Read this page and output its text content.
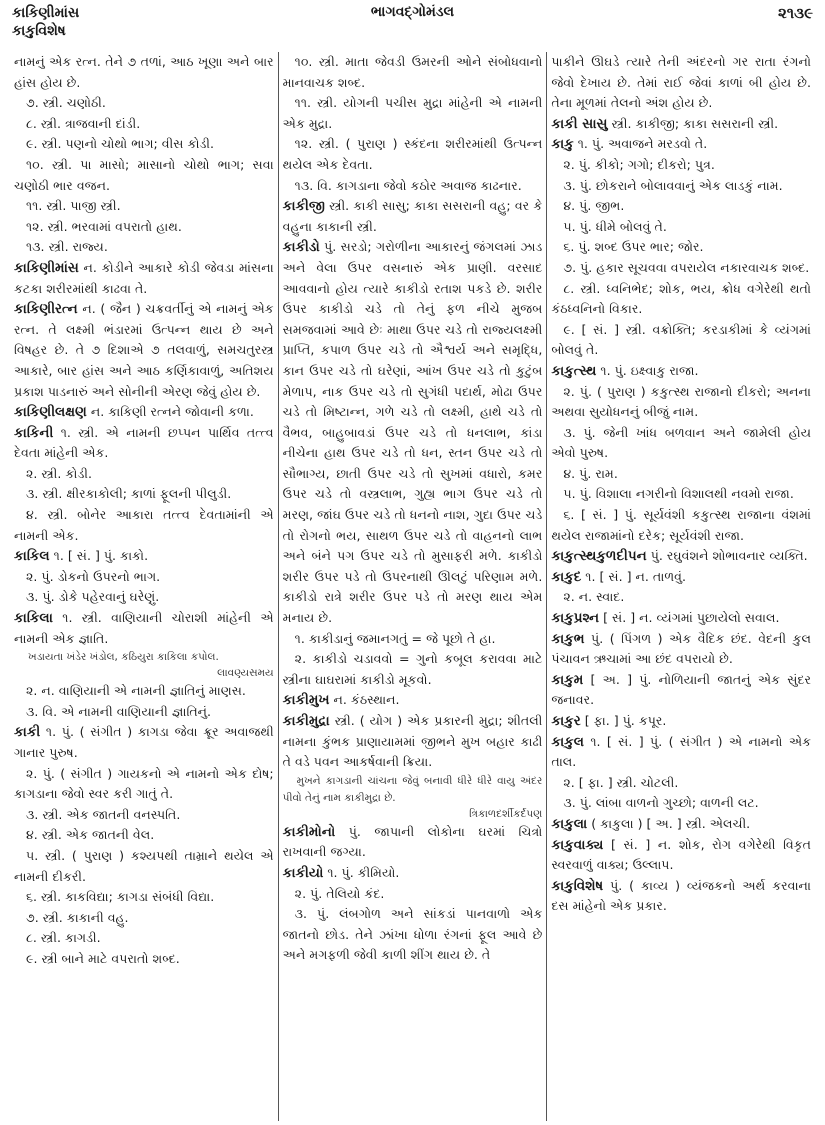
કાકિણીમાંસ
કાકુવિશેષ
ભાગવદ્ગોમંડલ	૨૧૩૯

નામનું એક રત્ન. તેને ૭ તળાં, આઠ ખૂણા અને બાર હાંસ હોય છે.

૭. સ્ત્રી. ચણોઠી.

૮. સ્ત્રી. ત્રાજવાની દાંડી.

૯. સ્ત્રી. પણનો ચોથો ભાગ; વીસ કોડી.

૧૦. સ્ત્રી. પા માસો; માસાનો ચોથો ભાગ; સવા ચણોઠી ભાર વજન.

૧૧. સ્ત્રી. પાજી સ્ત્રી.

૧૨. સ્ત્રી. ભરવામાં વપરાતો હાથ.

૧૩. સ્ત્રી. રાજ્ય.

કાકિણીમાંસ ન. કોડીને આકારે કોડી જેવડા માંસના કટકા શરીરમાંથી કાઢવા તે.

કાકિણીરત્ન ન. ( જૈન ) ચક્રવર્તીનું એ નામનું એક રત્ન. તે લક્ષ્મી ભંડારમાં ઉત્પન્ન થાય છે અને વિષહર છે. તે ૭ દિશાએ ૭ તલવાળું, સમચતુરસ્ત્ર આકારે, બાર હાંસ અને આઠ કર્ણિકાવાળું, અતિશય પ્રકાશ પાડનારું અને સોનીની એરણ જેવું હોય છે.

કાકિણીલક્ષણ ન. કાકિણી રત્નને જોવાની કળા.

કાકિની ૧. સ્ત્રી. એ નામની છપ્પન પાર્થિવ તત્ત્વ દેવતા માંહેની એક.

૨. સ્ત્રી. કોડી.

૩. સ્ત્રી. ક્ષીરકાકોલી; કાળાં ફૂલની પીલુડી.

૪. સ્ત્રી. બોનેર આકારા તત્ત્વ દેવતામાંની એ નામની એક.

કાકિલ ૧. [ સં. ] પું. કાકો.

૨. પું. ડોકનો ઉપરનો ભાગ.

૩. પું. ડોકે પહેરવાનું ઘરેણું.

કાકિલા ૧. સ્ત્રી. વાણિયાની ચોરાશી માંહેની એ નામની એક જ્ઞાતિ.

ખડાયતા ખંડેર ખંડોલ, કઠિયુરા કાકિલા કપોલ.
લાવણ્યસમય

૨. ન. વાણિયાની એ નામની જ્ઞાતિનું માણસ.

૩. વિ. એ નામની વાણિયાની જ્ઞાતિનું.

કાકી ૧. પું. ( સંગીત ) કાગડા જેવા ક્રૂર અવાજથી ગાનાર પુરુષ.

૨. પું. ( સંગીત ) ગાયકનો એ નામનો એક દોષ; કાગડાના જેવો સ્વર કરી ગાતું તે.

૩. સ્ત્રી. એક જાતની વનસ્પતિ.

૪. સ્ત્રી. એક જાતની વેલ.

૫. સ્ત્રી. ( પુરાણ ) કશ્યપથી તામ્રાને થયેલ એ નામની દીકરી.

૬. સ્ત્રી. કાકવિદ્યા; કાગડા સંબંધી વિદ્યા.

૭. સ્ત્રી. કાકાની વહુ.

૮. સ્ત્રી. કાગડી.

૯. સ્ત્રી બાને માટે વપરાતો શબ્દ.

૧૦. સ્ત્રી. માતા જેવડી ઉમરની ઓને સંબોધવાનો માનવાચક શબ્દ.

૧૧. સ્ત્રી. યોગની પચીસ મુદ્રા માંહેની એ નામની એક મુદ્રા.

૧૨. સ્ત્રી. ( પુરાણ ) સ્કંદના શરીરમાંથી ઉત્પન્ન થયેલ એક દેવતા.

૧૩. વિ. કાગડાના જેવો કઠોર અવાજ કાઢનાર.

કાકીજી સ્ત્રી. કાકી સાસુ; કાકા સસરાની વહુ; વર કે વહુના કાકાની સ્ત્રી.

કાકીડો પું. સરડો; ગરોળીના આકારનું જંગલમાં ઝાડ અને વેલા ઉપર વસનારું એક પ્રાણી. વરસાદ આવવાનો હોય ત્યારે કાકીડો રતાશ પકડે છે. શરીર ઉપર કાકીડો ચડે તો તેનું ફળ નીચે મુજબ સમજવામાં આવે છેઃ માથા ઉપર ચડે તો રાજ્યલક્ષ્મી પ્રાપ્તિ, કપાળ ઉપર ચડે તો ઐશ્વર્ય અને સમૃદ્ધિ, કાન ઉપર ચડે તો ઘરેણાં, આંખ ઉપર ચડે તો કુટુંબ મેળાપ, નાક ઉપર ચડે તો સુગંધી પદાર્થ, મોઢા ઉપર ચડે તો મિષ્ટાન્ન, ગળે ચડે તો લક્ષ્મી, હાથે ચડે તો વૈભવ, બાહુબાવડાં ઉપર ચડે તો ધનલાભ, કાંડા નીચેના હાથ ઉપર ચડે તો ધન, સ્તન ઉપર ચડે તો સૌભાગ્ય, છાતી ઉપર ચડે તો સુખમાં વધારો, કમર ઉપર ચડે તો વસ્ત્રલાભ, ગુહ્ય ભાગ ઉપર ચડે તો મરણ, જાંઘ ઉપર ચડે તો ધનનો નાશ, ગુદા ઉપર ચડે તો રોગનો ભય, સાથળ ઉપર ચડે તો વાહનનો લાભ અને બંને પગ ઉપર ચડે તો મુસાફરી મળે. કાકીડો શરીર ઉપર પડે તો ઉપરનાથી ઊલટું પરિણામ મળે. કાકીડો રાત્રે શરીર ઉપર પડે તો મરણ થાય એમ મનાય છે.

૧. કાકીડાનું જમાનગતું = જે પૂછો તે હા.

૨. કાકીડો ચડાવવો = ગુનો કબૂલ કરાવવા માટે સ્ત્રીના ઘાઘરામાં કાકીડો મૂકવો.

કાકીમુખ ન. કંઠસ્થાન.

કાકીમુદ્રા સ્ત્રી. ( યોગ ) એક પ્રકારની મુદ્રા; શીતલી નામના કુંભક પ્રાણાયામમાં જીભને મુખ બહાર કાઢી તે વડે પવન આકર્ષવાની ક્રિયા.

મુખને કાગડાની ચાંચના જેવું બનાવી ધીરે ધીરે વાયુ અંદર પીવો તેનું નામ કાકીમુદ્રા છે.
ત્રિકાળદર્શીકર્દપણ

કાકીમોનો પું. જાપાની લોકોના ઘરમાં ચિત્રો રાખવાની જગ્યા.

કાકીયો ૧. પું. કીમિયો.

૨. પું. તેલિયો કંદ.

૩. પું. લંબગોળ અને સાંકડાં પાનવાળો એક જાતનો છોડ. તેને ઝાંખા ધોળા રંગનાં ફૂલ આવે છે અને મગફળી જેવી કાળી શીંગ થાય છે. તે

પાકીને ઊઘડે ત્યારે તેની અંદરનો ગર રાતા રંગનો જેવો દેખાય છે. તેમાં રાઈ જેવાં કાળાં બી હોય છે. તેના મૂળમાં તેલનો અંશ હોય છે.

કાકી સાસુ સ્ત્રી. કાકીજી; કાકા સસરાની સ્ત્રી.

કાકુ ૧. પું. અવાજને મરડવો તે.

૨. પું. કીકો; ગગો; દીકરો; પુત્ર.

૩. પું. છોકરાને બોલાવવાનું એક લાડકું નામ.

૪. પું. જીભ.

૫. પું. ધીમે બોલવું તે.

૬. પું. શબ્દ ઉપર ભાર; જોર.

૭. પું. હકાર સૂચવવા વપરાયેલ નકારવાચક શબ્દ.

૮. સ્ત્રી. ધ્વનિભેદ; શોક, ભય, ક્રોધ વગેરેથી થતો કંઠધ્વનિનો વિકાર.

૯. [ સં. ] સ્ત્રી. વક્રોક્તિ; કરડાકીમાં કે વ્યંગમાં બોલવું તે.

કાકુત્સ્થ ૧. પું. ઇક્ષ્વાકુ રાજા.

૨. પું. ( પુરાણ ) કકુત્સ્થ રાજાનો દીકરો; અનના અથવા સુયોધનનું બીજું નામ.

૩. પું. જેની ખાંધ બળવાન અને જામેલી હોય એવો પુરુષ.

૪. પું. રામ.

૫. પું. વિશાલા નગરીનો વિશાલથી નવમો રાજા.

૬. [ સં. ] પું. સૂર્યવંશી કકુત્સ્થ રાજાના વંશમાં થયેલ રાજામાંનો દરેક; સૂર્યવંશી રાજા.

કાકુત્સ્થકુળદીપન પું. રઘુવંશને શોભાવનાર વ્યક્તિ.

કાકુદ ૧. [ સં. ] ન. તાળવું.

૨. ન. સ્વાદ.

કાકુપ્રશ્ન [ સં. ] ન. વ્યંગમાં પુછાયેલો સવાલ.

કાકુભ પું. ( પિંગળ ) એક વૈદિક છંદ. વેદની કુલ પંચાવન ઋચામાં આ છંદ વપરાયો છે.

કાકુમ [ અ. ] પું. નોળિયાની જાતનું એક સુંદર જનાવર.

કાકુર [ ફા. ] પું. કપૂર.

કાકુલ ૧. [ સં. ] પું. ( સંગીત ) એ નામનો એક તાલ.

૨. [ ફા. ] સ્ત્રી. ચોટલી.

૩. પું. લાંબા વાળનો ગુચ્છો; વાળની લટ.

કાકુલા ( કાકુલા ) [ અ. ] સ્ત્રી. એલચી.

કાકુવાક્ય [ સં. ] ન. શોક, રોગ વગેરેથી વિકૃત સ્વરવાળું વાક્ય; ઉલ્લાપ.

કાકુવિશેષ પું. ( કાવ્ય ) વ્યંજકનો અર્થ કરવાના દસ માંહેનો એક પ્રકાર.
